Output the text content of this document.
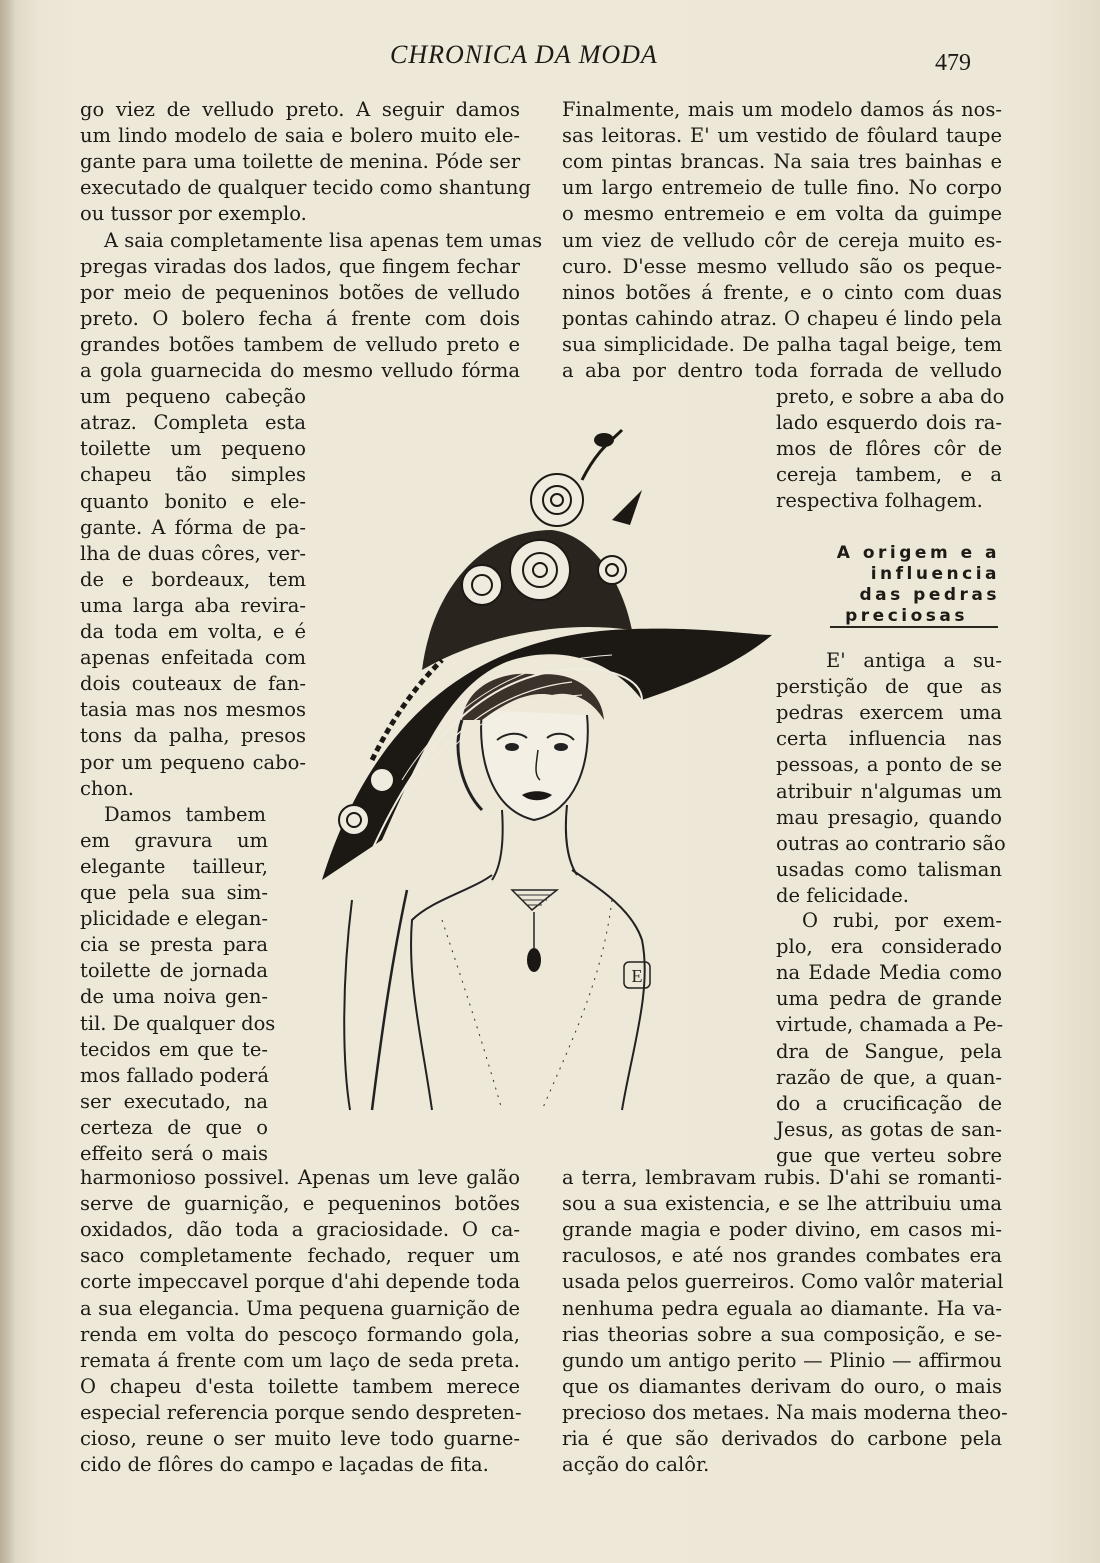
CHRONICA DA MODA	479
go viez de velludo preto. A seguir damos
um lindo modelo de saia e bolero muito ele-
gante para uma toilette de menina. Póde ser
executado de qualquer tecido como shantung
ou tussor por exemplo.
A saia completamente lisa apenas tem umas
pregas viradas dos lados, que fingem fechar
por meio de pequeninos botões de velludo
preto. O bolero fecha á frente com dois
grandes botões tambem de velludo preto e
a gola guarnecida do mesmo velludo fórma
um pequeno cabeção
atraz. Completa esta
toilette um pequeno
chapeu tão simples
quanto bonito e ele-
gante. A fórma de pa-
lha de duas côres, ver-
de e bordeaux, tem
uma larga aba revira-
da toda em volta, e é
apenas enfeitada com
dois couteaux de fan-
tasia mas nos mesmos
tons da palha, presos
por um pequeno cabo-
chon.
Damos tambem
em gravura um
elegante tailleur,
que pela sua sim-
plicidade e elegan-
cia se presta para
toilette de jornada
de uma noiva gen-
til. De qualquer dos
tecidos em que te-
mos fallado poderá
ser executado, na
certeza de que o
effeito será o mais
harmonioso possivel. Apenas um leve galão
serve de guarnição, e pequeninos botões
oxidados, dão toda a graciosidade. O ca-
saco completamente fechado, requer um
corte impeccavel porque d'ahi depende toda
a sua elegancia. Uma pequena guarnição de
renda em volta do pescoço formando gola,
remata á frente com um laço de seda preta.
O chapeu d'esta toilette tambem merece
especial referencia porque sendo despreten-
cioso, reune o ser muito leve todo guarne-
cido de flôres do campo e laçadas de fita.
Finalmente, mais um modelo damos ás nos-
sas leitoras. E' um vestido de fôulard taupe
com pintas brancas. Na saia tres bainhas e
um largo entremeio de tulle fino. No corpo
o mesmo entremeio e em volta da guimpe
um viez de velludo côr de cereja muito es-
curo. D'esse mesmo velludo são os peque-
ninos botões á frente, e o cinto com duas
pontas cahindo atraz. O chapeu é lindo pela
sua simplicidade. De palha tagal beige, tem
a aba por dentro toda forrada de velludo
preto, e sobre a aba do
lado esquerdo dois ra-
mos de flôres côr de
cereja tambem, e a
respectiva folhagem.
E' antiga a su-
perstição de que as
pedras exercem uma
certa influencia nas
pessoas, a ponto de se
atribuir n'algumas um
mau presagio, quando
outras ao contrario são
usadas como talisman
de felicidade.
O rubi, por exem-
plo, era considerado
na Edade Media como
uma pedra de grande
virtude, chamada a Pe-
dra de Sangue, pela
razão de que, a quan-
do a crucificação de
Jesus, as gotas de san-
gue que verteu sobre
a terra, lembravam rubis. D'ahi se romanti-
sou a sua existencia, e se lhe attribuiu uma
grande magia e poder divino, em casos mi-
raculosos, e até nos grandes combates era
usada pelos guerreiros. Como valôr material
nenhuma pedra eguala ao diamante. Ha va-
rias theorias sobre a sua composição, e se-
gundo um antigo perito — Plinio — affirmou
que os diamantes derivam do ouro, o mais
precioso dos metaes. Na mais moderna theo-
ria é que são derivados do carbone pela
acção do calôr.
A origem e a
influencia
das pedras
preciosas
E
